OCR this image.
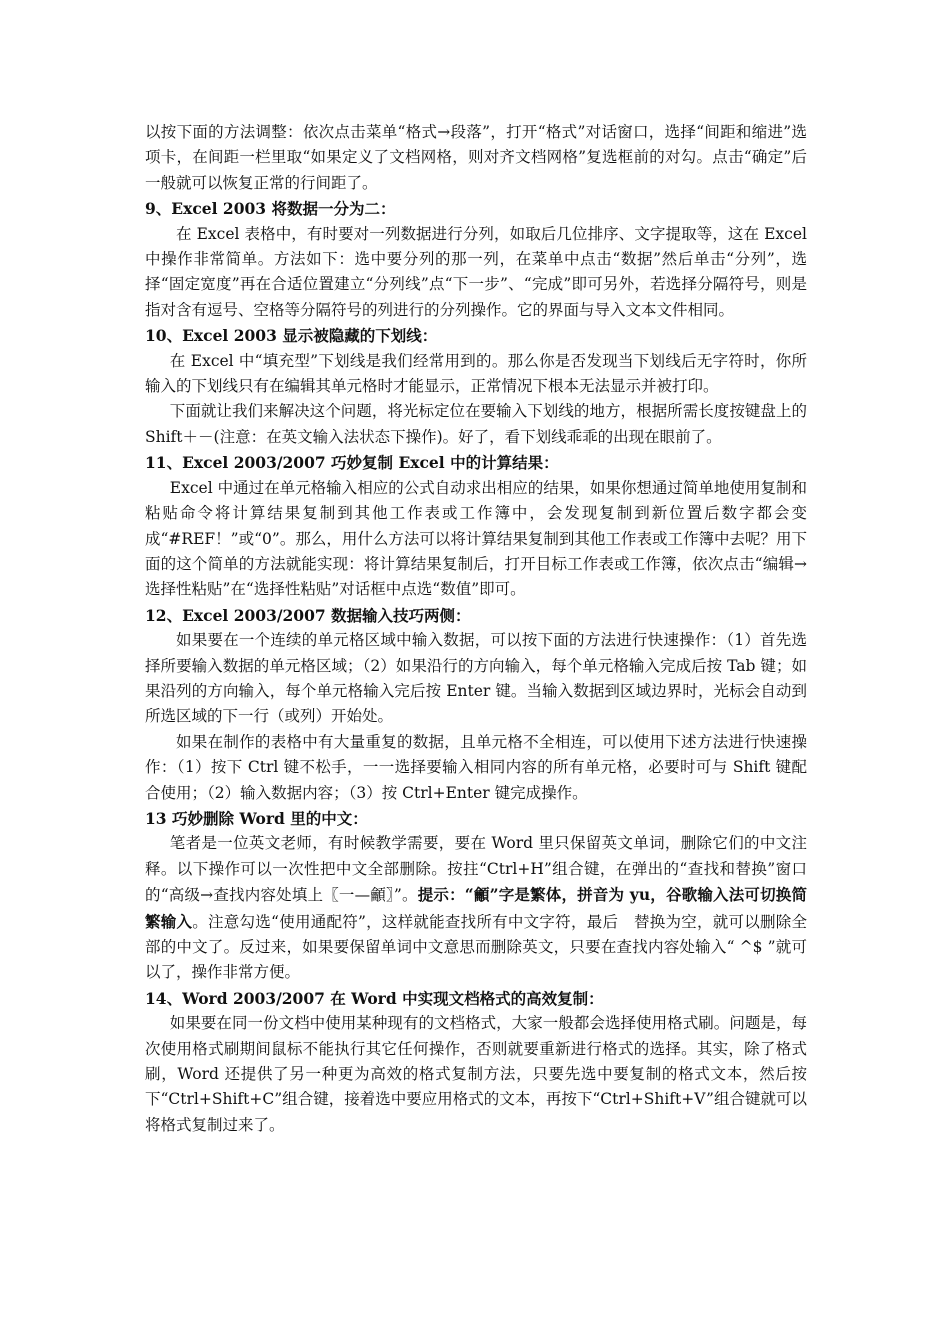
以按下面的方法调整：依次点击菜单“格式→段落”，打开“格式”对话窗口，选择“间距和缩进”选项卡，在间距一栏里取“如果定义了文档网格，则对齐文档网格”复选框前的对勾。点击“确定”后一般就可以恢复正常的行间距了。

9、Excel 2003 将数据一分为二：

在 Excel 表格中，有时要对一列数据进行分列，如取后几位排序、文字提取等，这在 Excel 中操作非常简单。方法如下：选中要分列的那一列，在菜单中点击“数据”然后单击“分列”，选择“固定宽度”再在合适位置建立“分列线”点“下一步”、“完成”即可另外，若选择分隔符号，则是指对含有逗号、空格等分隔符号的列进行的分列操作。它的界面与导入文本文件相同。

10、Excel 2003 显示被隐藏的下划线：

在 Excel 中“填充型”下划线是我们经常用到的。那么你是否发现当下划线后无字符时，你所输入的下划线只有在编辑其单元格时才能显示，正常情况下根本无法显示并被打印。

下面就让我们来解决这个问题，将光标定位在要输入下划线的地方，根据所需长度按键盘上的 Shift＋－(注意：在英文输入法状态下操作)。好了，看下划线乖乖的出现在眼前了。

11、Excel 2003/2007 巧妙复制 Excel 中的计算结果：

Excel 中通过在单元格输入相应的公式自动求出相应的结果，如果你想通过简单地使用复制和粘贴命令将计算结果复制到其他工作表或工作簿中，会发现复制到新位置后数字都会变成“#REF！”或“0”。那么，用什么方法可以将计算结果复制到其他工作表或工作簿中去呢？用下面的这个简单的方法就能实现：将计算结果复制后，打开目标工作表或工作簿，依次点击“编辑→选择性粘贴”在“选择性粘贴”对话框中点选“数值”即可。

12、Excel 2003/2007 数据输入技巧两侧：

如果要在一个连续的单元格区域中输入数据，可以按下面的方法进行快速操作：（1）首先选择所要输入数据的单元格区域；（2）如果沿行的方向输入，每个单元格输入完成后按 Tab 键；如果沿列的方向输入，每个单元格输入完后按 Enter 键。当输入数据到区域边界时，光标会自动到所选区域的下一行（或列）开始处。

如果在制作的表格中有大量重复的数据，且单元格不全相连，可以使用下述方法进行快速操作：（1）按下 Ctrl 键不松手，一一选择要输入相同内容的所有单元格，必要时可与 Shift 键配合使用；（2）输入数据内容；（3）按 Ctrl+Enter 键完成操作。

13 巧妙删除 Word 里的中文：

笔者是一位英文老师，有时候教学需要，要在 Word 里只保留英文单词，删除它们的中文注释。以下操作可以一次性把中文全部删除。按拄“Ctrl+H”组合键，在弹出的“查找和替换”窗口的“高级→查找内容处填上〖一—龥〗”。提示：“龥”字是繁体，拼音为 yu，谷歌输入法可切换简繁输入。注意勾选“使用通配符”，这样就能查找所有中文字符，最后　替换为空，就可以删除全部的中文了。反过来，如果要保留单词中文意思而删除英文，只要在查找内容处输入“ ^$ ”就可以了，操作非常方便。

14、Word 2003/2007 在 Word 中实现文档格式的高效复制：

如果要在同一份文档中使用某种现有的文档格式，大家一般都会选择使用格式刷。问题是，每次使用格式刷期间鼠标不能执行其它任何操作，否则就要重新进行格式的选择。其实，除了格式刷，Word 还提供了另一种更为高效的格式复制方法，只要先选中要复制的格式文本，然后按下“Ctrl+Shift+C”组合键，接着选中要应用格式的文本，再按下“Ctrl+Shift+V”组合键就可以将格式复制过来了。
